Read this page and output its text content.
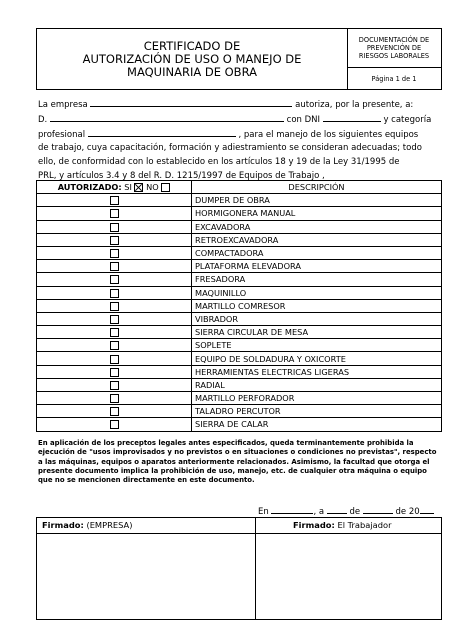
CERTIFICADO DE
AUTORIZACIÓN DE USO O MANEJO DE
MAQUINARIA DE OBRA
DOCUMENTACIÓN DE
PREVENCIÓN DE
RIESGOS LABORALES
Página 1 de 1
La empresa	autoriza, por la presente, a:
D.	con DNI	y categoría
profesional	, para el manejo de los siguientes equipos
de trabajo, cuya capacitación, formación y adiestramiento se consideran adecuadas; todo
ello, de conformidad con lo establecido en los artículos 18 y 19 de la Ley 31/1995 de
PRL, y artículos 3.4 y 8 del R. D. 1215/1997 de Equipos de Trabajo ,
AUTORIZADO: SI NO	DESCRIPCIÓN
	DUMPER DE OBRA
	HORMIGONERA MANUAL
	EXCAVADORA
	RETROEXCAVADORA
	COMPACTADORA
	PLATAFORMA ELEVADORA
	FRESADORA
	MAQUINILLO
	MARTILLO COMRESOR
	VIBRADOR
	SIERRA CIRCULAR DE MESA
	SOPLETE
	EQUIPO DE SOLDADURA Y OXICORTE
	HERRAMIENTAS ELECTRICAS LIGERAS
	RADIAL
	MARTILLO PERFORADOR
	TALADRO PERCUTOR
	SIERRA DE CALAR
En aplicación de los preceptos legales antes especificados, queda terminantemente prohibida la ejecución de "usos improvisados y no previstos o en situaciones o condiciones no previstas", respecto a las máquinas, equipos o aparatos anteriormente relacionados. Asimismo, la facultad que otorga el presente documento implica la prohibición de uso, manejo, etc. de cualquier otra máquina o equipo que no se mencionen directamente en este documento.
En	, a	de	de 20
Firmado: (EMPRESA)	Firmado: El Trabajador
